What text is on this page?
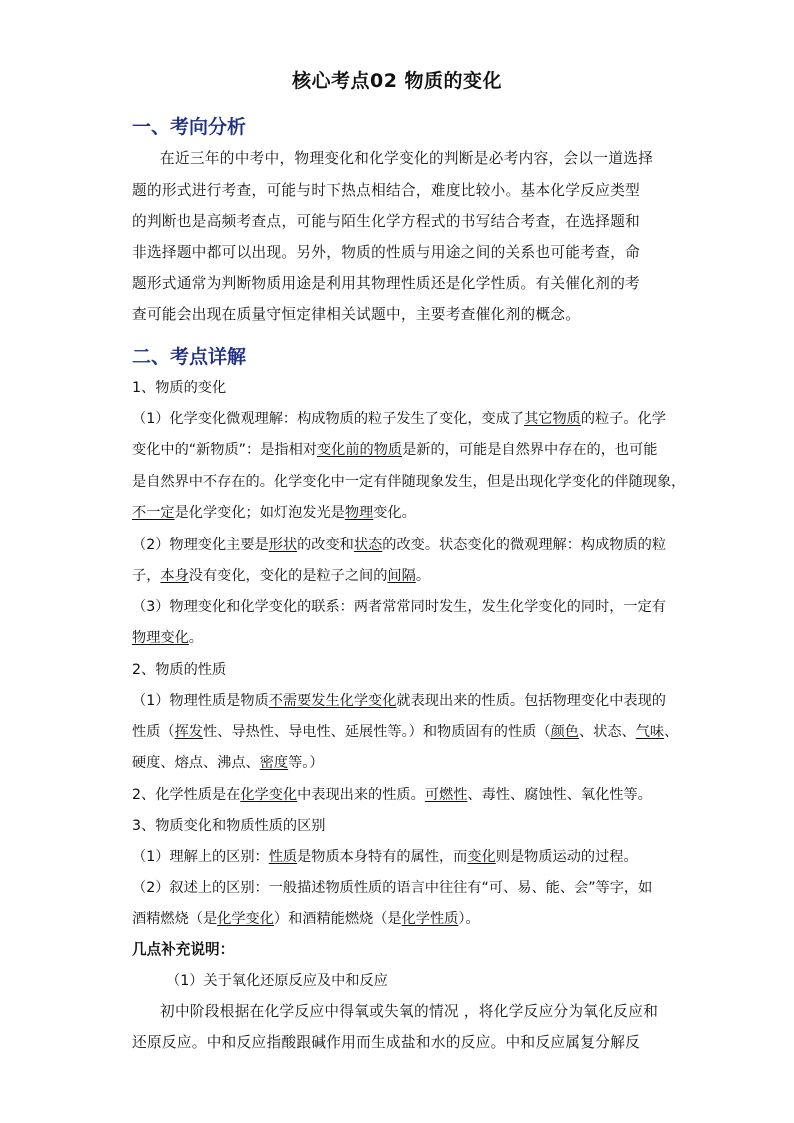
核心考点02 物质的变化
一、考向分析
在近三年的中考中，物理变化和化学变化的判断是必考内容，会以一道选择
题的形式进行考查，可能与时下热点相结合，难度比较小。基本化学反应类型
的判断也是高频考查点，可能与陌生化学方程式的书写结合考查，在选择题和
非选择题中都可以出现。另外，物质的性质与用途之间的关系也可能考查，命
题形式通常为判断物质用途是利用其物理性质还是化学性质。有关催化剂的考
查可能会出现在质量守恒定律相关试题中，主要考查催化剂的概念。
二、考点详解
1、物质的变化
（1）化学变化微观理解：构成物质的粒子发生了变化，变成了其它物质的粒子。化学
变化中的“新物质”：是指相对变化前的物质是新的，可能是自然界中存在的，也可能
是自然界中不存在的。化学变化中一定有伴随现象发生，但是出现化学变化的伴随现象，
不一定是化学变化；如灯泡发光是物理变化。
（2）物理变化主要是形状的改变和状态的改变。状态变化的微观理解：构成物质的粒
子，本身没有变化，变化的是粒子之间的间隔。
（3）物理变化和化学变化的联系：两者常常同时发生，发生化学变化的同时，一定有
物理变化。
2、物质的性质
（1）物理性质是物质不需要发生化学变化就表现出来的性质。包括物理变化中表现的
性质（挥发性、导热性、导电性、延展性等。）和物质固有的性质（颜色、状态、气味、
硬度、熔点、沸点、密度等。）
2、化学性质是在化学变化中表现出来的性质。可燃性、毒性、腐蚀性、氧化性等。
3、物质变化和物质性质的区别
（1）理解上的区别：性质是物质本身特有的属性，而变化则是物质运动的过程。
（2）叙述上的区别：一般描述物质性质的语言中往往有“可、易、能、会”等字，如
酒精燃烧（是化学变化）和酒精能燃烧（是化学性质）。
几点补充说明：
（1）关于氧化还原反应及中和反应
初中阶段根据在化学反应中得氧或失氧的情况 ，将化学反应分为氧化反应和
还原反应。中和反应指酸跟碱作用而生成盐和水的反应。中和反应属复分解反
